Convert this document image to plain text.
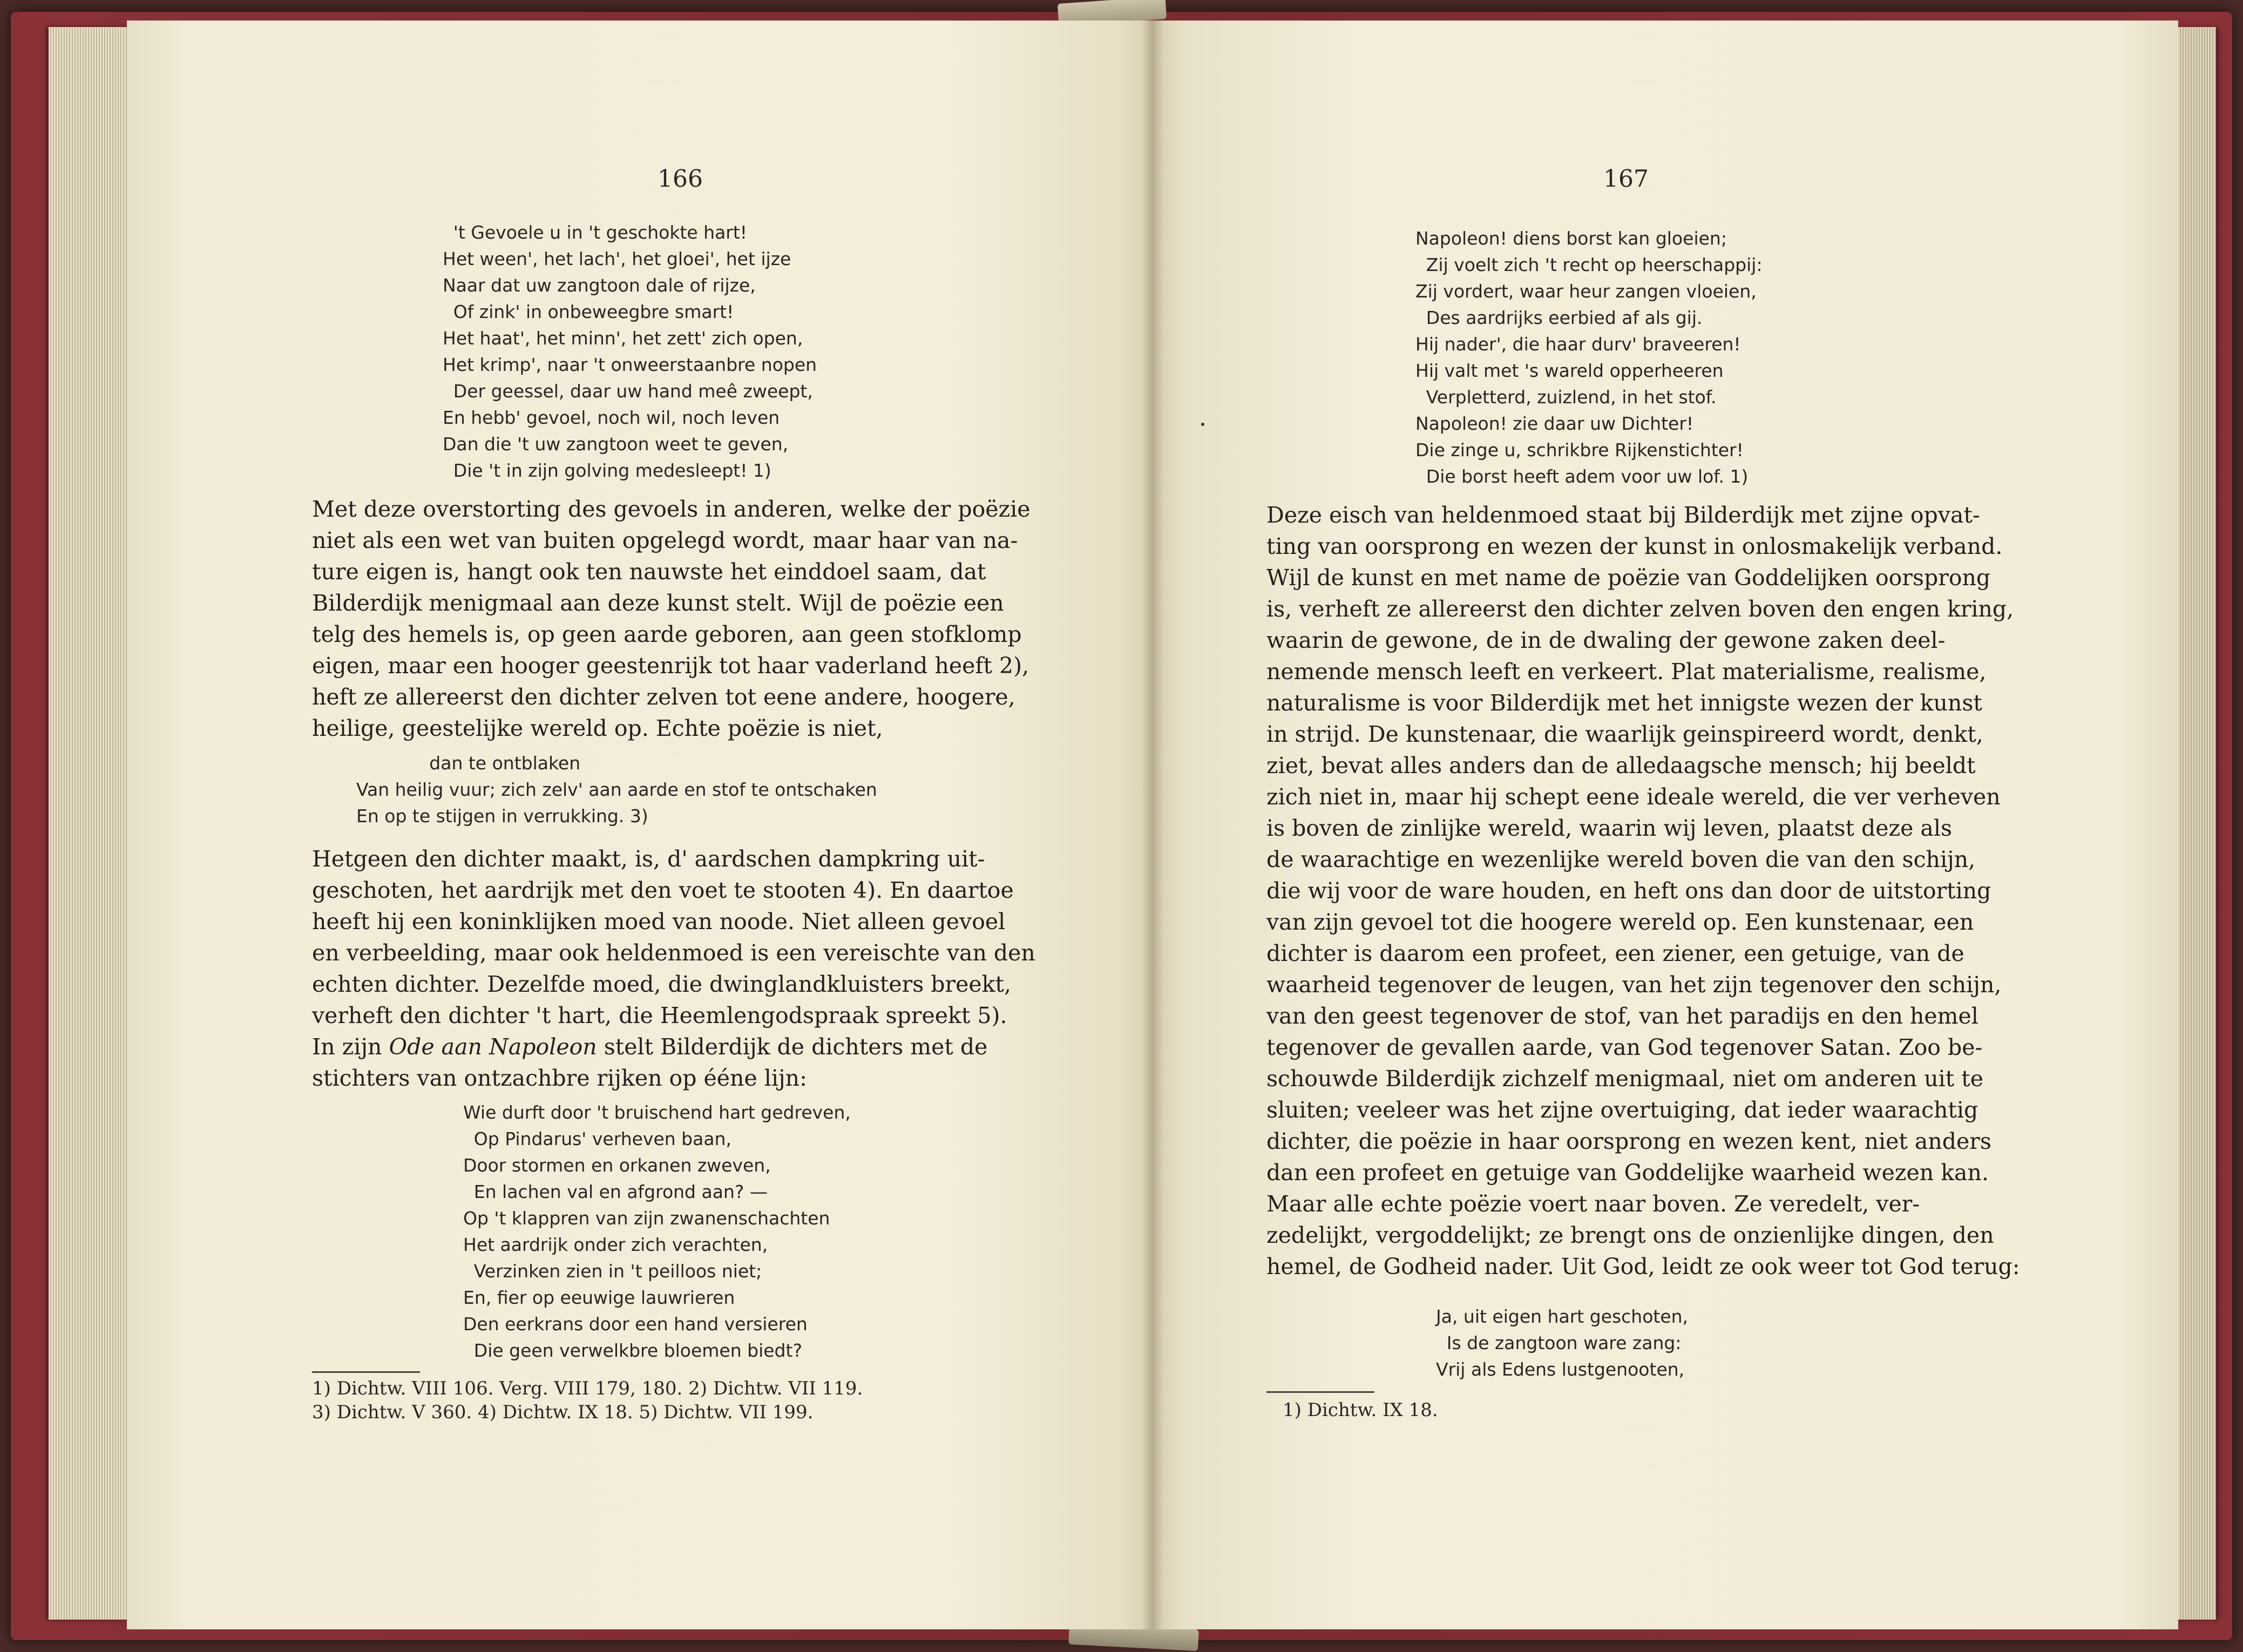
166
't Gevoele u in 't geschokte hart!
Het ween', het lach', het gloei', het ijze
Naar dat uw zangtoon dale of rijze,
Of zink' in onbeweegbre smart!
Het haat', het minn', het zett' zich open,
Het krimp', naar 't onweerstaanbre nopen
Der geessel, daar uw hand meê zweept,
En hebb' gevoel, noch wil, noch leven
Dan die 't uw zangtoon weet te geven,
Die 't in zijn golving medesleept! 1)
Met deze overstorting des gevoels in anderen, welke der poëzie
niet als een wet van buiten opgelegd wordt, maar haar van na-
ture eigen is, hangt ook ten nauwste het einddoel saam, dat
Bilderdijk menigmaal aan deze kunst stelt. Wijl de poëzie een
telg des hemels is, op geen aarde geboren, aan geen stofklomp
eigen, maar een hooger geestenrijk tot haar vaderland heeft 2),
heft ze allereerst den dichter zelven tot eene andere, hoogere,
heilige, geestelijke wereld op. Echte poëzie is niet,
dan te ontblaken
Van heilig vuur; zich zelv' aan aarde en stof te ontschaken
En op te stijgen in verrukking. 3)
Hetgeen den dichter maakt, is, d' aardschen dampkring uit-
geschoten, het aardrijk met den voet te stooten 4). En daartoe
heeft hij een koninklijken moed van noode. Niet alleen gevoel
en verbeelding, maar ook heldenmoed is een vereischte van den
echten dichter. Dezelfde moed, die dwinglandkluisters breekt,
verheft den dichter 't hart, die Heemlengodspraak spreekt 5).
In zijn Ode aan Napoleon stelt Bilderdijk de dichters met de
stichters van ontzachbre rijken op ééne lijn:
Wie durft door 't bruischend hart gedreven,
Op Pindarus' verheven baan,
Door stormen en orkanen zweven,
En lachen val en afgrond aan? —
Op 't klappren van zijn zwanenschachten
Het aardrijk onder zich verachten,
Verzinken zien in 't peilloos niet;
En, fier op eeuwige lauwrieren
Den eerkrans door een hand versieren
Die geen verwelkbre bloemen biedt?
1) Dichtw. VIII 106. Verg. VIII 179, 180. 2) Dichtw. VII 119.
3) Dichtw. V 360. 4) Dichtw. IX 18. 5) Dichtw. VII 199.
167
Napoleon! diens borst kan gloeien;
Zij voelt zich 't recht op heerschappij:
Zij vordert, waar heur zangen vloeien,
Des aardrijks eerbied af als gij.
Hij nader', die haar durv' braveeren!
Hij valt met 's wareld opperheeren
Verpletterd, zuizlend, in het stof.
Napoleon! zie daar uw Dichter!
Die zinge u, schrikbre Rijkenstichter!
Die borst heeft adem voor uw lof. 1)
Deze eisch van heldenmoed staat bij Bilderdijk met zijne opvat-
ting van oorsprong en wezen der kunst in onlosmakelijk verband.
Wijl de kunst en met name de poëzie van Goddelijken oorsprong
is, verheft ze allereerst den dichter zelven boven den engen kring,
waarin de gewone, de in de dwaling der gewone zaken deel-
nemende mensch leeft en verkeert. Plat materialisme, realisme,
naturalisme is voor Bilderdijk met het innigste wezen der kunst
in strijd. De kunstenaar, die waarlijk geinspireerd wordt, denkt,
ziet, bevat alles anders dan de alledaagsche mensch; hij beeldt
zich niet in, maar hij schept eene ideale wereld, die ver verheven
is boven de zinlijke wereld, waarin wij leven, plaatst deze als
de waarachtige en wezenlijke wereld boven die van den schijn,
die wij voor de ware houden, en heft ons dan door de uitstorting
van zijn gevoel tot die hoogere wereld op. Een kunstenaar, een
dichter is daarom een profeet, een ziener, een getuige, van de
waarheid tegenover de leugen, van het zijn tegenover den schijn,
van den geest tegenover de stof, van het paradijs en den hemel
tegenover de gevallen aarde, van God tegenover Satan. Zoo be-
schouwde Bilderdijk zichzelf menigmaal, niet om anderen uit te
sluiten; veeleer was het zijne overtuiging, dat ieder waarachtig
dichter, die poëzie in haar oorsprong en wezen kent, niet anders
dan een profeet en getuige van Goddelijke waarheid wezen kan.
Maar alle echte poëzie voert naar boven. Ze veredelt, ver-
zedelijkt, vergoddelijkt; ze brengt ons de onzienlijke dingen, den
hemel, de Godheid nader. Uit God, leidt ze ook weer tot God terug:
Ja, uit eigen hart geschoten,
Is de zangtoon ware zang:
Vrij als Edens lustgenooten,
1) Dichtw. IX 18.
